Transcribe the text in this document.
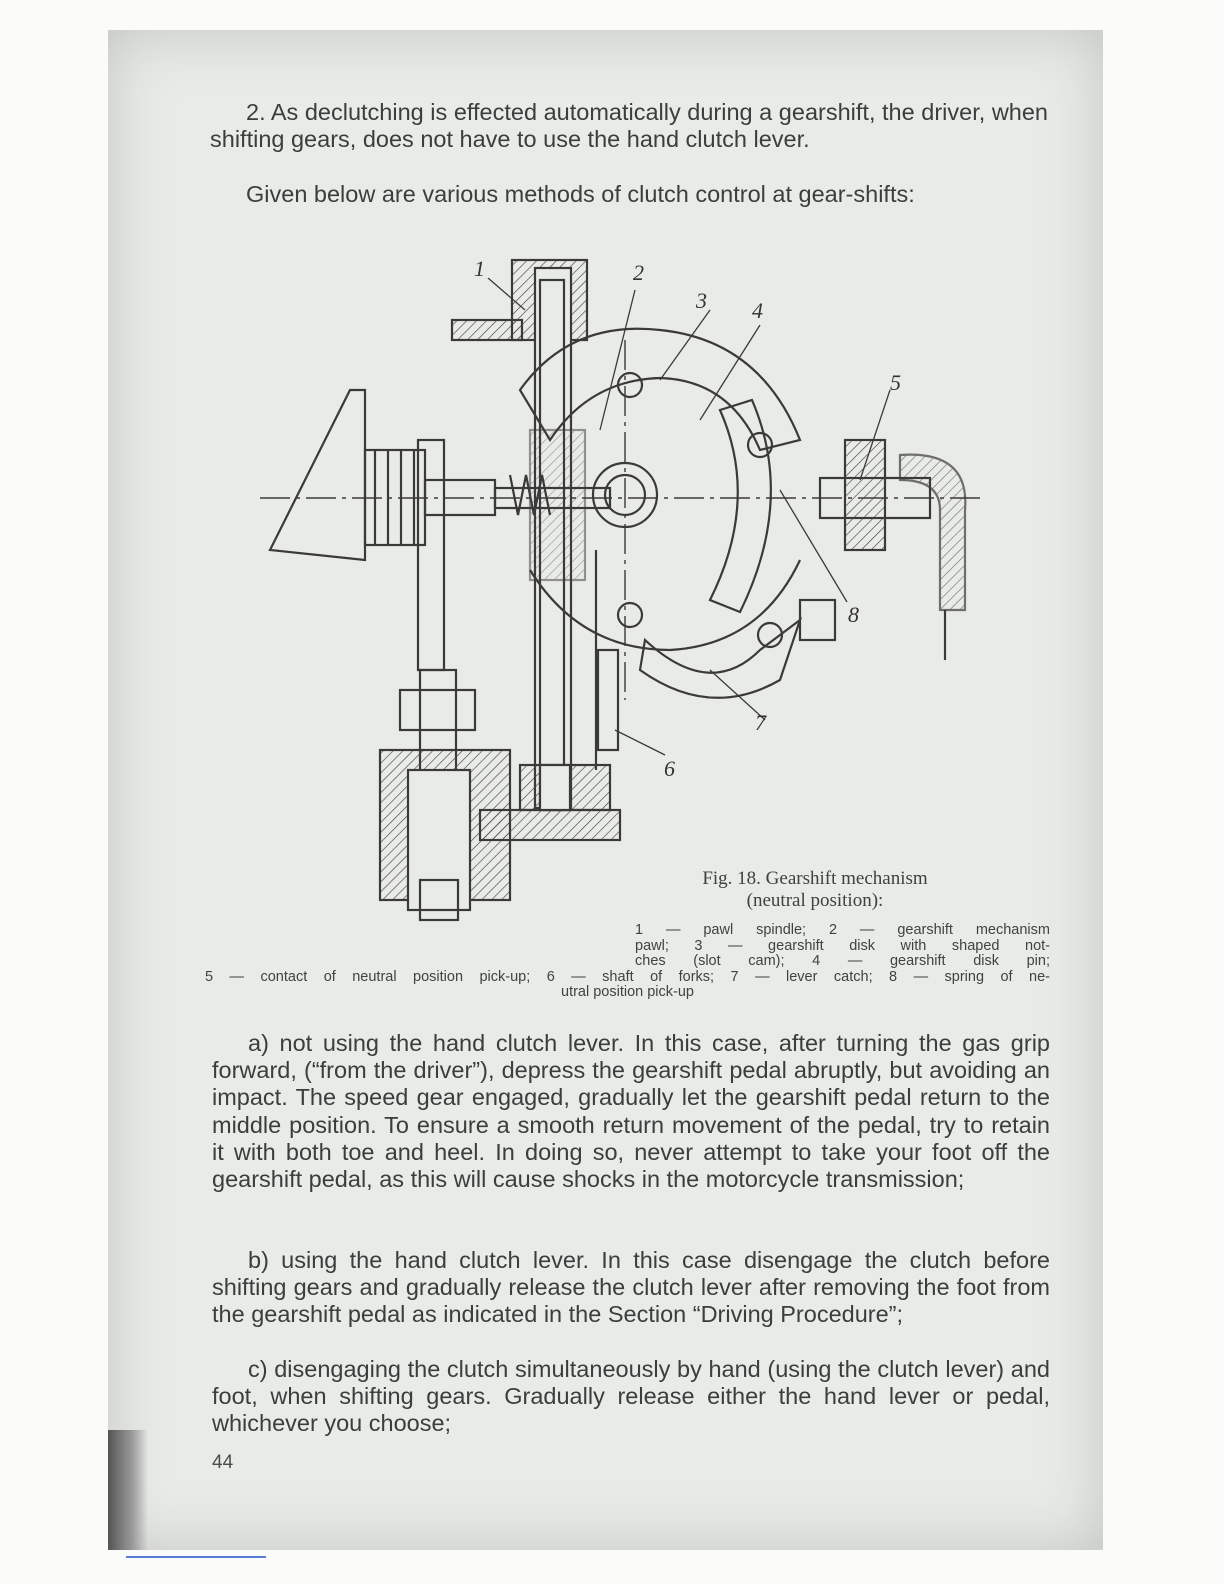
2. As declutching is effected automatically during a gearshift, the driver, when shifting gears, does not have to use the hand clutch lever.

Given below are various methods of clutch control at gear-shifts:

1	2
3 4
5
6
7
8
Fig. 18. Gearshift mechanism
(neutral position):
1 — pawl spindle; 2 — gearshift mechanism
pawl; 3 — gearshift disk with shaped not-
ches (slot cam); 4 — gearshift disk pin;
5 — contact of neutral position pick-up; 6 — shaft of forks; 7 — lever catch; 8 — spring of ne-
utral position pick-up

a) not using the hand clutch lever. In this case, after turning the gas grip forward, (“from the driver”), depress the gearshift pedal abruptly, but avoiding an impact. The speed gear engaged, gradually let the gearshift pedal return to the middle position. To ensure a smooth return movement of the pedal, try to retain it with both toe and heel. In doing so, never attempt to take your foot off the gearshift pedal, as this will cause shocks in the motorcycle transmission;

b) using the hand clutch lever. In this case disengage the clutch before shifting gears and gradually release the clutch lever after removing the foot from the gearshift pedal as indicated in the Section “Driving Procedure”;

c) disengaging the clutch simultaneously by hand (using the clutch lever) and foot, when shifting gears. Gradually release either the hand lever or pedal, whichever you choose;

44
